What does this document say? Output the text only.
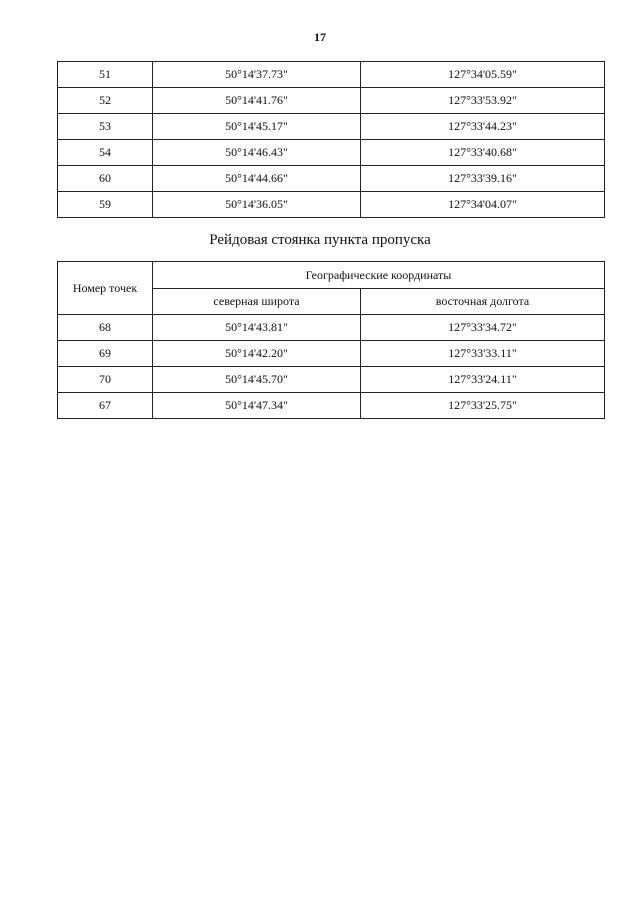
17
51	50°14'37.73"	127°34'05.59"
52	50°14'41.76"	127°33'53.92"
53	50°14'45.17"	127°33'44.23"
54	50°14'46.43"	127°33'40.68"
60	50°14'44.66"	127°33'39.16"
59	50°14'36.05"	127°34'04.07"
Рейдовая стоянка пункта пропуска
Номер точек	Географические координаты	
	северная широта	восточная долгота
68	50°14'43.81"	127°33'34.72"
69	50°14'42.20"	127°33'33.11"
70	50°14'45.70"	127°33'24.11"
67	50°14'47.34"	127°33'25.75"
